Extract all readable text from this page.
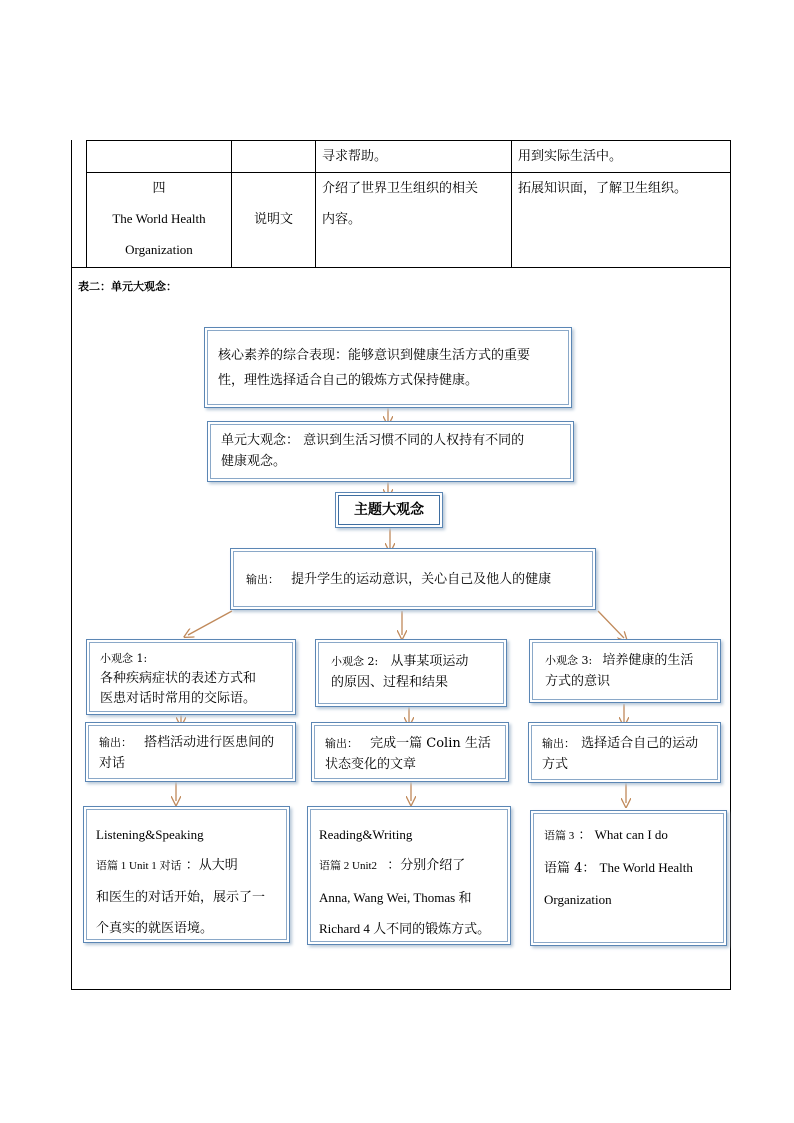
寻求帮助。	用到实际生活中。
四
The World Health
Organization
说明文
介绍了世界卫生组织的相关
内容。
拓展知识面，了解卫生组织。
表二：单元大观念：
核心素养的综合表现：能够意识到健康生活方式的重要
性，理性选择适合自己的锻炼方式保持健康。
单元大观念： 意识到生活习惯不同的人权持有不同的
健康观念。
主题大观念
输出： 提升学生的运动意识，关心自己及他人的健康
小观念 1:
各种疾病症状的表述方式和
医患对话时常用的交际语。
小观念 2: 从事某项运动
的原因、过程和结果
小观念 3: 培养健康的生活
方式的意识
输出： 搭档活动进行医患间的
对话
输出： 完成一篇 Colin 生活
状态变化的文章
输出： 选择适合自己的运动
方式
Listening&Speaking
语篇 1 Unit 1 对话 ：从大明
和医生的对话开始，展示了一
个真实的就医语境。
Reading&Writing
语篇 2 Unit2 ：分别介绍了
Anna, Wang Wei, Thomas 和
Richard 4 人不同的锻炼方式。
语篇 3 ： What can I do
语篇 4： The World Health
Organization
